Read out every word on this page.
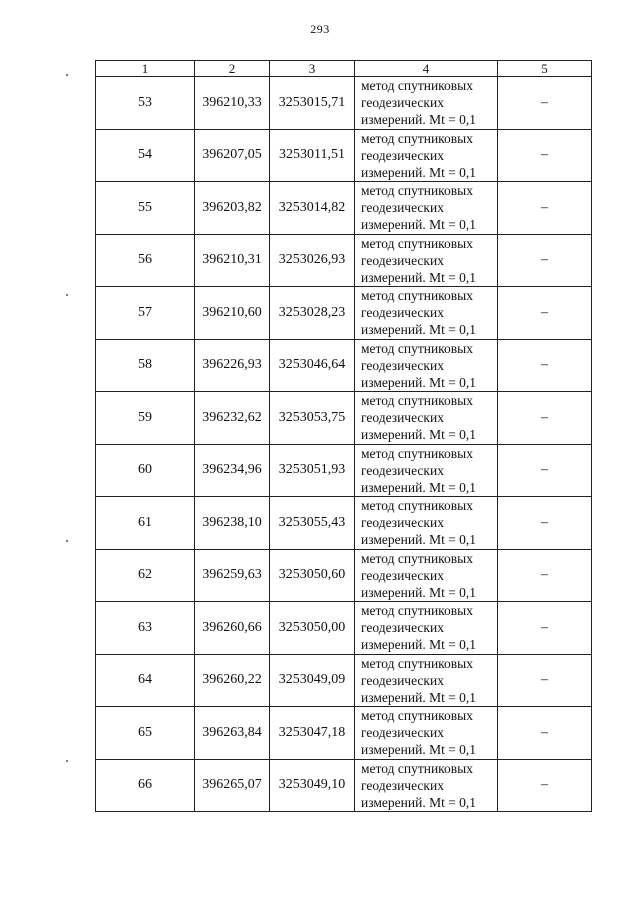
293
1	2	3	4	5
53	396210,33	3253015,71	метод спутниковых
геодезических
измерений. Mt = 0,1	–
54	396207,05	3253011,51	метод спутниковых
геодезических
измерений. Mt = 0,1	–
55	396203,82	3253014,82	метод спутниковых
геодезических
измерений. Mt = 0,1	–
56	396210,31	3253026,93	метод спутниковых
геодезических
измерений. Mt = 0,1	–
57	396210,60	3253028,23	метод спутниковых
геодезических
измерений. Mt = 0,1	–
58	396226,93	3253046,64	метод спутниковых
геодезических
измерений. Mt = 0,1	–
59	396232,62	3253053,75	метод спутниковых
геодезических
измерений. Mt = 0,1	–
60	396234,96	3253051,93	метод спутниковых
геодезических
измерений. Mt = 0,1	–
61	396238,10	3253055,43	метод спутниковых
геодезических
измерений. Mt = 0,1	–
62	396259,63	3253050,60	метод спутниковых
геодезических
измерений. Mt = 0,1	–
63	396260,66	3253050,00	метод спутниковых
геодезических
измерений. Mt = 0,1	–
64	396260,22	3253049,09	метод спутниковых
геодезических
измерений. Mt = 0,1	–
65	396263,84	3253047,18	метод спутниковых
геодезических
измерений. Mt = 0,1	–
66	396265,07	3253049,10	метод спутниковых
геодезических
измерений. Mt = 0,1	–
